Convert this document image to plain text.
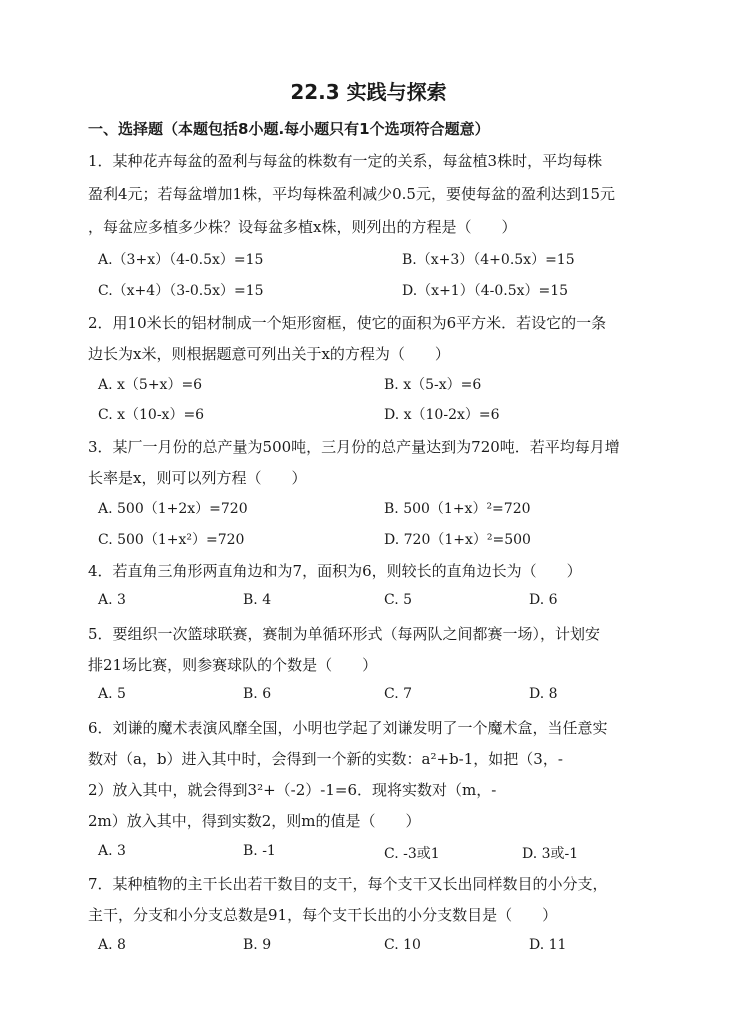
22.3 实践与探索
一、选择题（本题包括8小题.每小题只有1个选项符合题意）
1．某种花卉每盆的盈利与每盆的株数有一定的关系，每盆植3株时，平均每株
盈利4元；若每盆增加1株，平均每株盈利减少0.5元，要使每盆的盈利达到15元
，每盆应多植多少株？设每盆多植x株，则列出的方程是（　　）
A.（3+x）（4-0.5x）=15	B.（x+3）（4+0.5x）=15
C.（x+4）（3-0.5x）=15	D.（x+1）（4-0.5x）=15
2．用10米长的铝材制成一个矩形窗框，使它的面积为6平方米．若设它的一条
边长为x米，则根据题意可列出关于x的方程为（　　）
A. x（5+x）=6	B. x（5-x）=6
C. x（10-x）=6	D. x（10-2x）=6
3．某厂一月份的总产量为500吨，三月份的总产量达到为720吨．若平均每月增
长率是x，则可以列方程（　　）
A. 500（1+2x）=720	B. 500（1+x）²=720
C. 500（1+x²）=720	D. 720（1+x）²=500
4．若直角三角形两直角边和为7，面积为6，则较长的直角边长为（　　）
A. 3	B. 4	C. 5	D. 6
5．要组织一次篮球联赛，赛制为单循环形式（每两队之间都赛一场），计划安
排21场比赛，则参赛球队的个数是（　　）
A. 5	B. 6	C. 7	D. 8
6．刘谦的魔术表演风靡全国，小明也学起了刘谦发明了一个魔术盒，当任意实
数对（a，b）进入其中时，会得到一个新的实数：a²+b-1，如把（3，-
2）放入其中，就会得到3²+（-2）-1=6．现将实数对（m，-
2m）放入其中，得到实数2，则m的值是（　　）
A. 3	B. -1	C. -3或1	D. 3或-1
7．某种植物的主干长出若干数目的支干，每个支干又长出同样数目的小分支，
主干，分支和小分支总数是91，每个支干长出的小分支数目是（　　）
A. 8	B. 9	C. 10	D. 11
